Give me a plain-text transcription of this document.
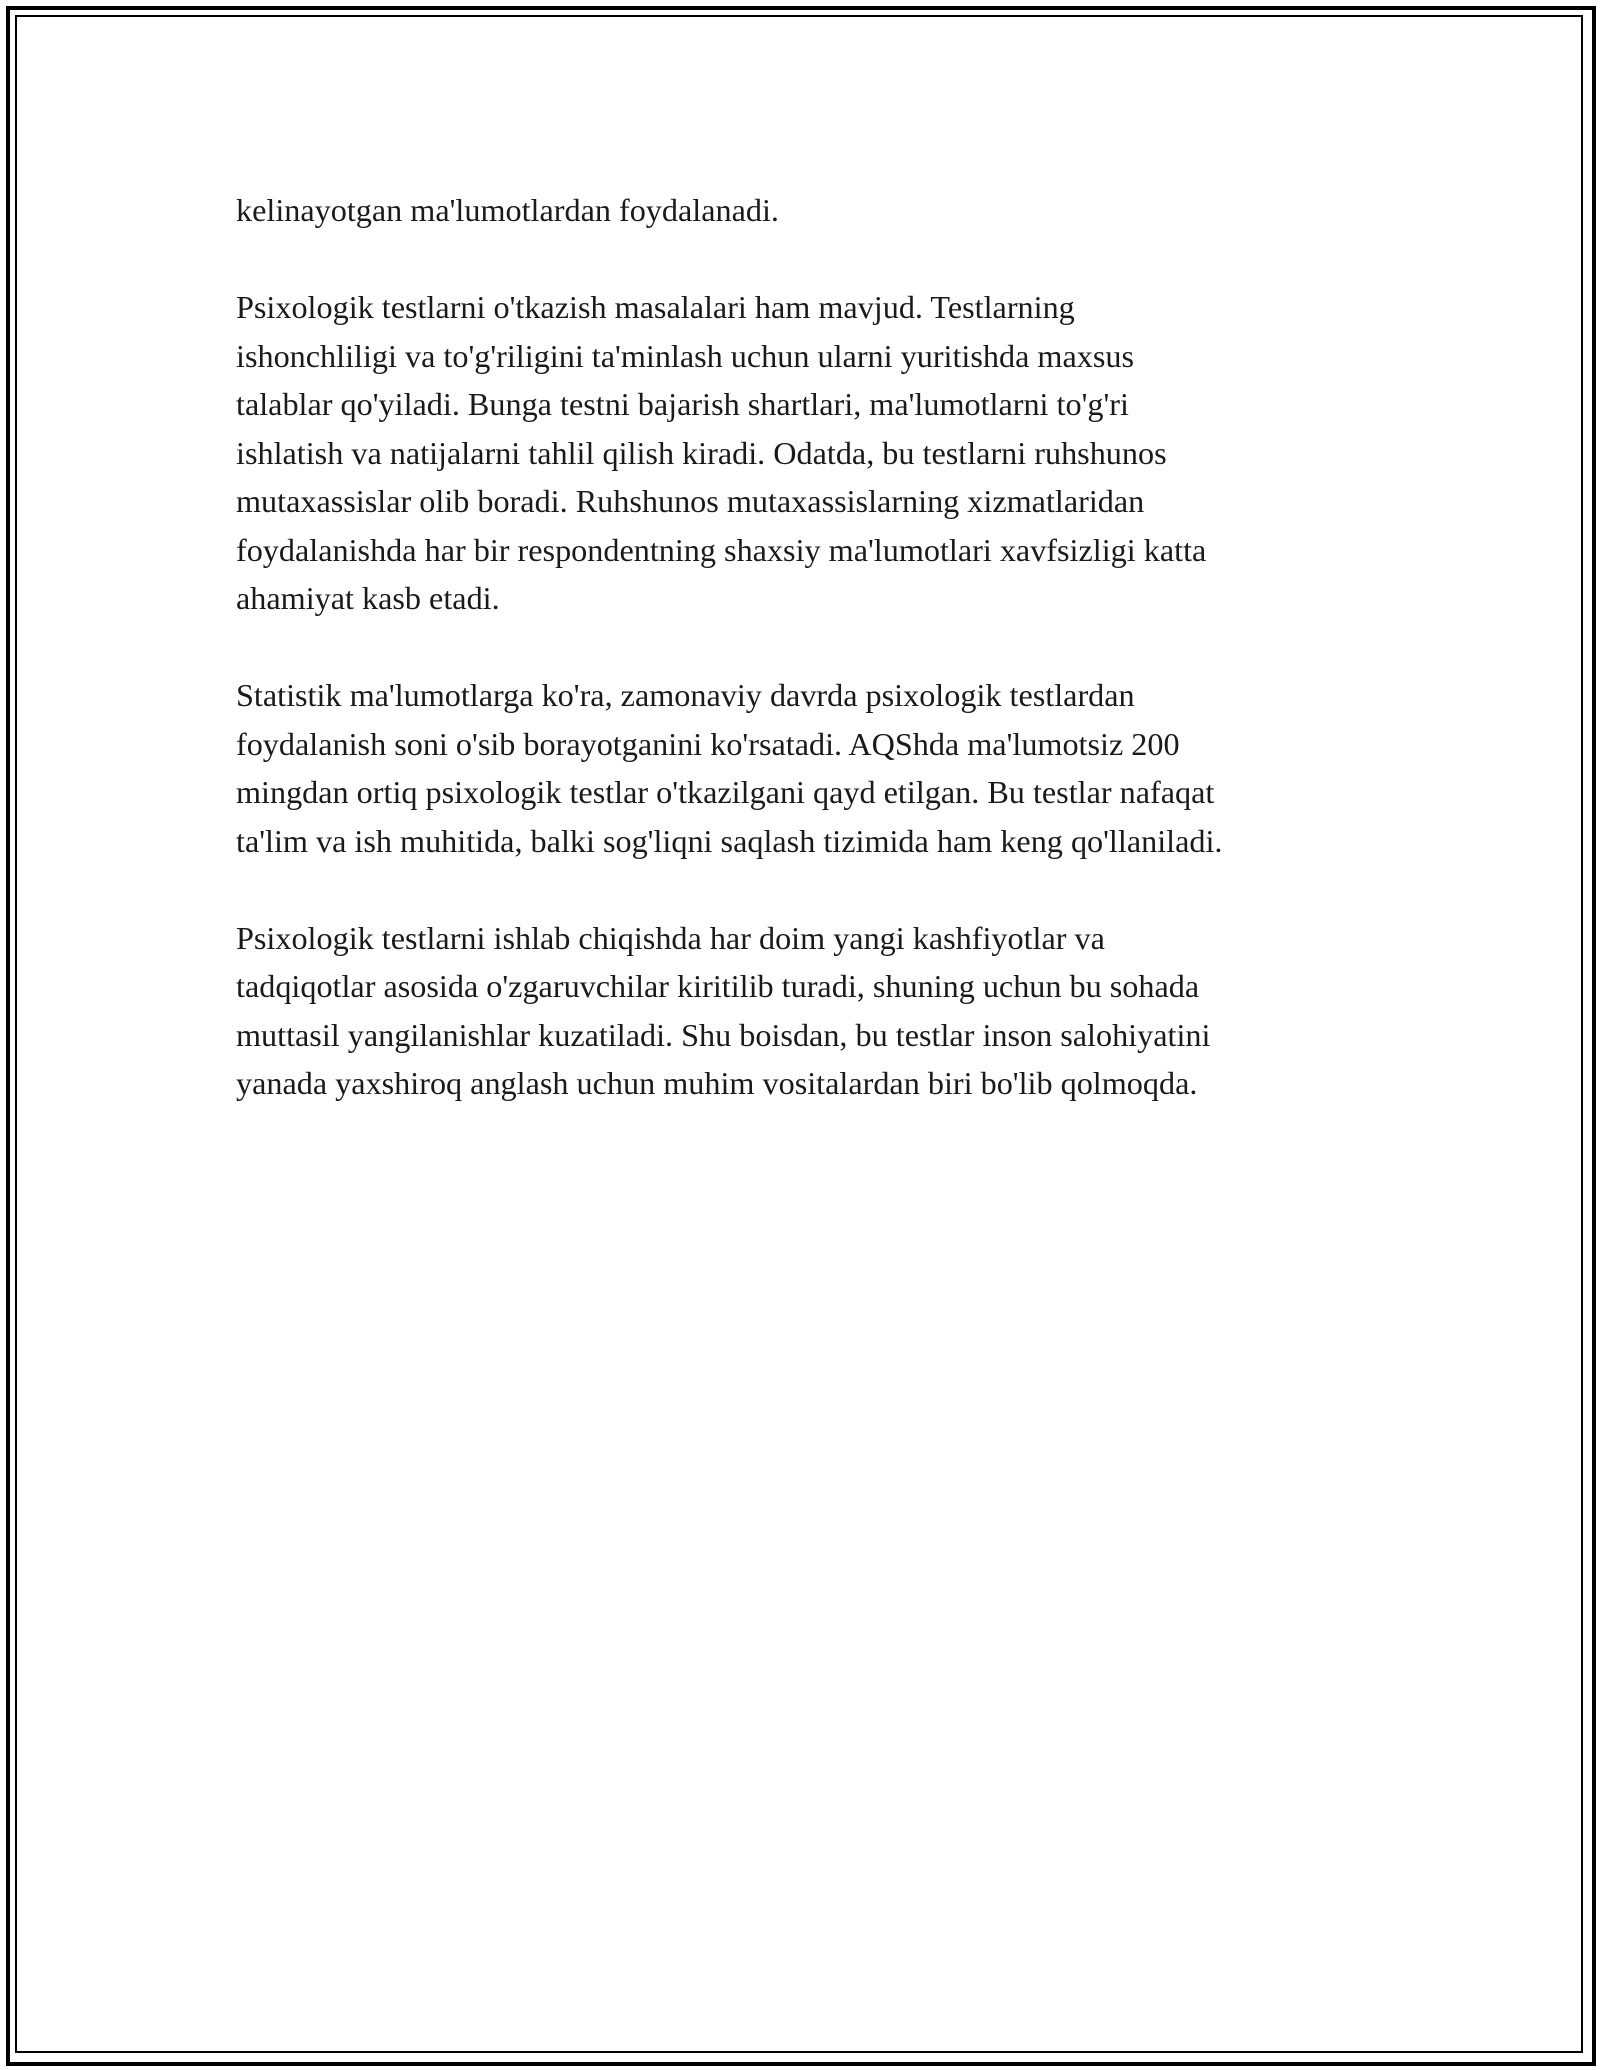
kelinayotgan ma'lumotlardan foydalanadi.

Psixologik testlarni o'tkazish masalalari ham mavjud. Testlarning
ishonchliligi va to'g'riligini ta'minlash uchun ularni yuritishda maxsus
talablar qo'yiladi. Bunga testni bajarish shartlari, ma'lumotlarni to'g'ri
ishlatish va natijalarni tahlil qilish kiradi. Odatda, bu testlarni ruhshunos
mutaxassislar olib boradi. Ruhshunos mutaxassislarning xizmatlaridan
foydalanishda har bir respondentning shaxsiy ma'lumotlari xavfsizligi katta
ahamiyat kasb etadi.

Statistik ma'lumotlarga ko'ra, zamonaviy davrda psixologik testlardan
foydalanish soni o'sib borayotganini ko'rsatadi. AQShda ma'lumotsiz 200
mingdan ortiq psixologik testlar o'tkazilgani qayd etilgan. Bu testlar nafaqat
ta'lim va ish muhitida, balki sog'liqni saqlash tizimida ham keng qo'llaniladi.

Psixologik testlarni ishlab chiqishda har doim yangi kashfiyotlar va
tadqiqotlar asosida o'zgaruvchilar kiritilib turadi, shuning uchun bu sohada
muttasil yangilanishlar kuzatiladi. Shu boisdan, bu testlar inson salohiyatini
yanada yaxshiroq anglash uchun muhim vositalardan biri bo'lib qolmoqda.
